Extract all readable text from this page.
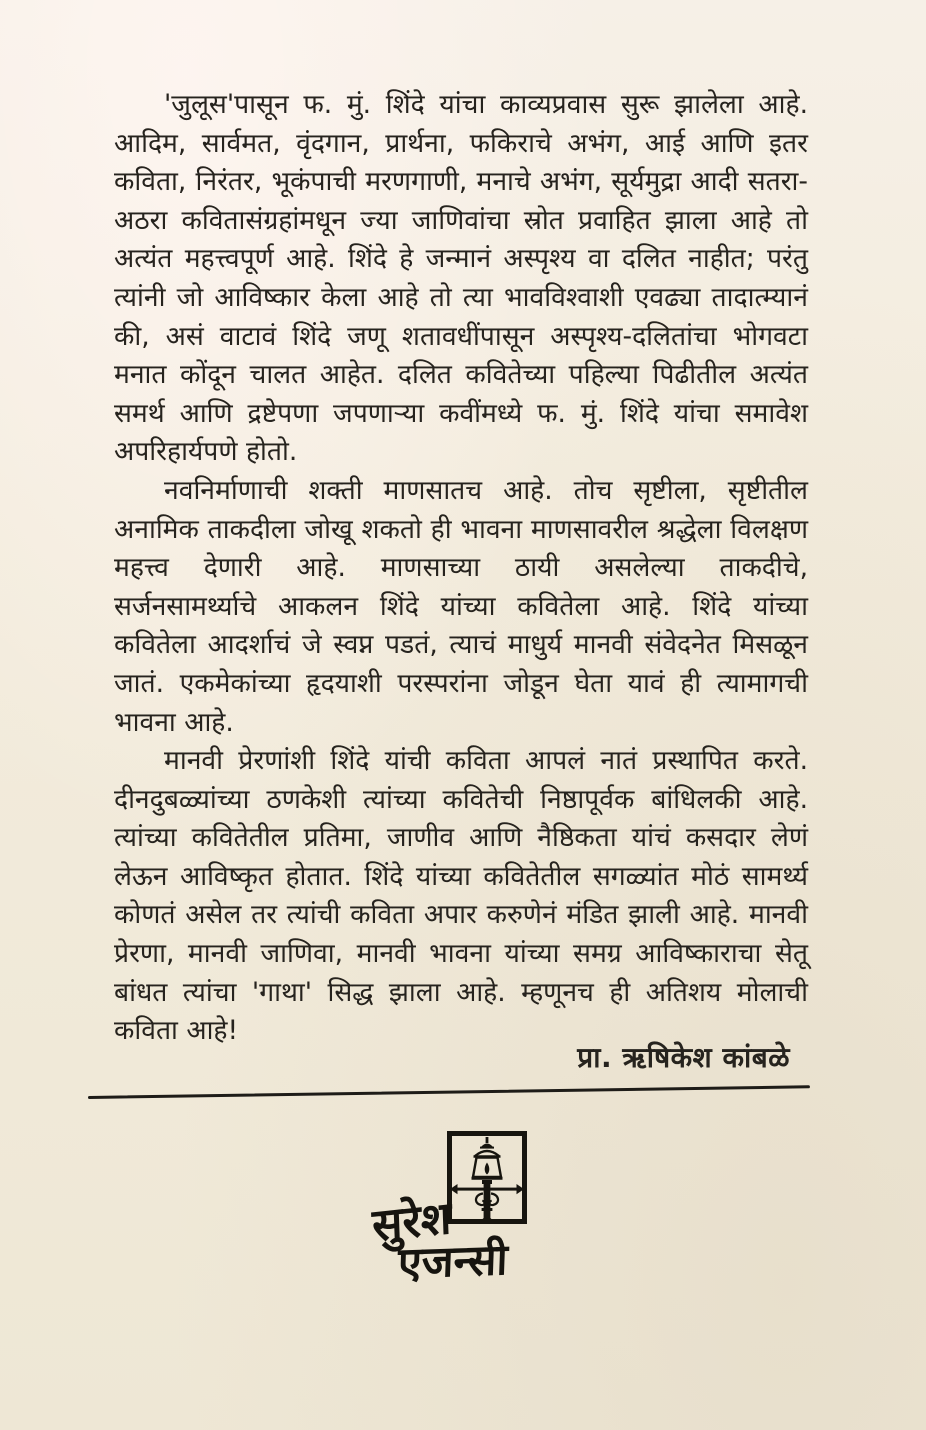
'जुलूस'पासून फ. मुं. शिंदे यांचा काव्यप्रवास सुरू झालेला आहे.
आदिम, सार्वमत, वृंदगान, प्रार्थना, फकिराचे अभंग, आई आणि इतर
कविता, निरंतर, भूकंपाची मरणगाणी, मनाचे अभंग, सूर्यमुद्रा आदी सतरा-
अठरा कवितासंग्रहांमधून ज्या जाणिवांचा स्रोत प्रवाहित झाला आहे तो
अत्यंत महत्त्वपूर्ण आहे. शिंदे हे जन्मानं अस्पृश्य वा दलित नाहीत; परंतु
त्यांनी जो आविष्कार केला आहे तो त्या भावविश्वाशी एवढ्या तादात्म्यानं
की, असं वाटावं शिंदे जणू शतावधींपासून अस्पृश्य-दलितांचा भोगवटा
मनात कोंदून चालत आहेत. दलित कवितेच्या पहिल्या पिढीतील अत्यंत
समर्थ आणि द्रष्टेपणा जपणाऱ्या कवींमध्ये फ. मुं. शिंदे यांचा समावेश
अपरिहार्यपणे होतो.
नवनिर्माणाची शक्ती माणसातच आहे. तोच सृष्टीला, सृष्टीतील
अनामिक ताकदीला जोखू शकतो ही भावना माणसावरील श्रद्धेला विलक्षण
महत्त्व देणारी आहे. माणसाच्या ठायी असलेल्या ताकदीचे,
सर्जनसामर्थ्याचे आकलन शिंदे यांच्या कवितेला आहे. शिंदे यांच्या
कवितेला आदर्शाचं जे स्वप्न पडतं, त्याचं माधुर्य मानवी संवेदनेत मिसळून
जातं. एकमेकांच्या हृदयाशी परस्परांना जोडून घेता यावं ही त्यामागची
भावना आहे.
मानवी प्रेरणांशी शिंदे यांची कविता आपलं नातं प्रस्थापित करते.
दीनदुबळ्यांच्या ठणकेशी त्यांच्या कवितेची निष्ठापूर्वक बांधिलकी आहे.
त्यांच्या कवितेतील प्रतिमा, जाणीव आणि नैष्ठिकता यांचं कसदार लेणं
लेऊन आविष्कृत होतात. शिंदे यांच्या कवितेतील सगळ्यांत मोठं सामर्थ्य
कोणतं असेल तर त्यांची कविता अपार करुणेनं मंडित झाली आहे. मानवी
प्रेरणा, मानवी जाणिवा, मानवी भावना यांच्या समग्र आविष्काराचा सेतू
बांधत त्यांचा 'गाथा' सिद्ध झाला आहे. म्हणूनच ही अतिशय मोलाची
कविता आहे!
प्रा. ऋषिकेश कांबळे
सुरेश
एजन्सी
